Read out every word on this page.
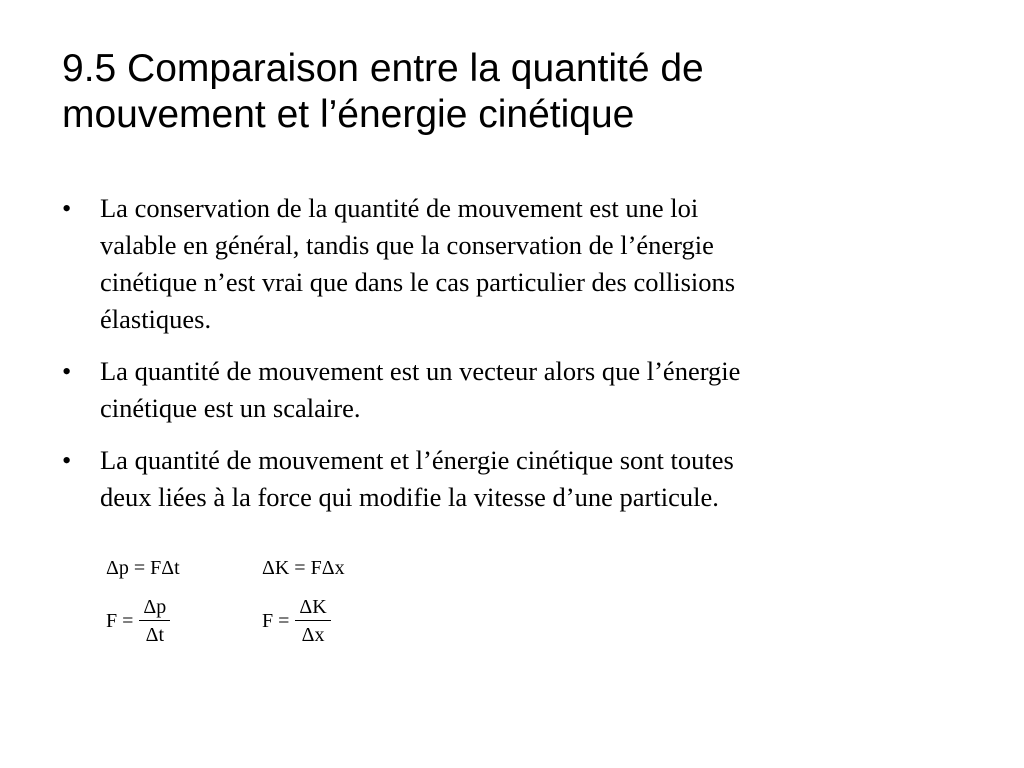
9.5 Comparaison entre la quantité de
mouvement et l’énergie cinétique
• La conservation de la quantité de mouvement est une loi
valable en général, tandis que la conservation de l’énergie
cinétique n’est vrai que dans le cas particulier des collisions
élastiques.
• La quantité de mouvement est un vecteur alors que l’énergie
cinétique est un scalaire.
• La quantité de mouvement et l’énergie cinétique sont toutes
deux liées à la force qui modifie la vitesse d’une particule.
Δp = FΔt	ΔK = FΔx
$F = \frac{\Delta p}{\Delta t}$	$F = \frac{\Delta K}{\Delta x}$
